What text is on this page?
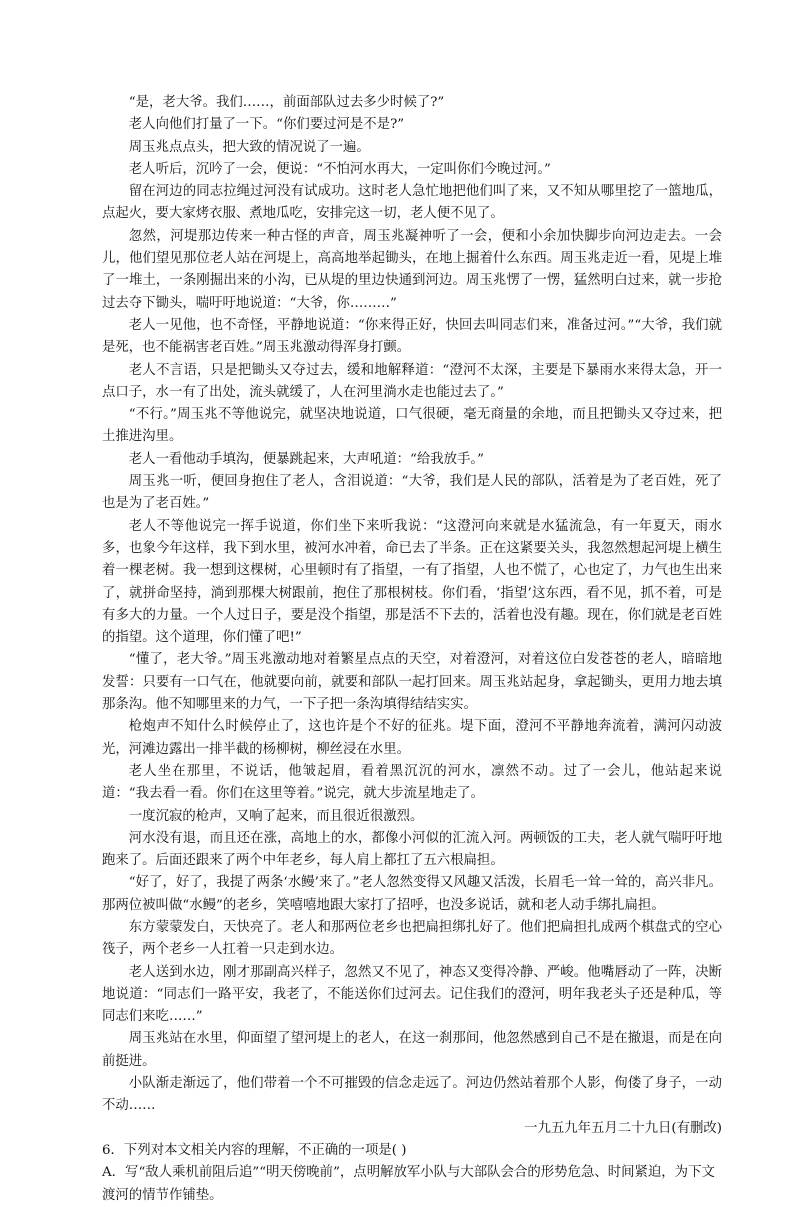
“是，老大爷。我们……，前面部队过去多少时候了?”

老人向他们打量了一下。“你们要过河是不是?”

周玉兆点点头，把大致的情况说了一遍。

老人听后，沉吟了一会，便说：“不怕河水再大，一定叫你们今晚过河。”

留在河边的同志拉绳过河没有试成功。这时老人急忙地把他们叫了来，又不知从哪里挖了一篮地瓜，点起火，要大家烤衣服、煮地瓜吃，安排完这一切，老人便不见了。

忽然，河堤那边传来一种古怪的声音，周玉兆凝神听了一会，便和小余加快脚步向河边走去。一会儿，他们望见那位老人站在河堤上，高高地举起锄头，在地上掘着什么东西。周玉兆走近一看，见堤上堆了一堆土，一条刚掘出来的小沟，已从堤的里边快通到河边。周玉兆愣了一愣，猛然明白过来，就一步抢过去夺下锄头，喘吁吁地说道：“大爷，你………”

老人一见他，也不奇怪，平静地说道：“你来得正好，快回去叫同志们来，准备过河。”“大爷，我们就是死，也不能祸害老百姓。”周玉兆激动得浑身打颤。

老人不言语，只是把锄头又夺过去，缓和地解释道：“澄河不太深，主要是下暴雨水来得太急，开一点口子，水一有了出处，流头就缓了，人在河里淌水走也能过去了。”

“不行。”周玉兆不等他说完，就坚决地说道，口气很硬，毫无商量的余地，而且把锄头又夺过来，把土推进沟里。

老人一看他动手填沟，便暴跳起来，大声吼道：“给我放手。”

周玉兆一听，便回身抱住了老人，含泪说道：“大爷，我们是人民的部队，活着是为了老百姓，死了也是为了老百姓。”

老人不等他说完一挥手说道，你们坐下来听我说：“这澄河向来就是水猛流急，有一年夏天，雨水多，也象今年这样，我下到水里，被河水冲着，命已去了半条。正在这紧要关头，我忽然想起河堤上横生着一棵老树。我一想到这棵树，心里顿时有了指望，一有了指望，人也不慌了，心也定了，力气也生出来了，就拼命坚持，淌到那棵大树跟前，抱住了那根树枝。你们看，‘指望’这东西，看不见，抓不着，可是有多大的力量。一个人过日子，要是没个指望，那是活不下去的，活着也没有趣。现在，你们就是老百姓的指望。这个道理，你们懂了吧!”

“懂了，老大爷。”周玉兆激动地对着繁星点点的天空，对着澄河，对着这位白发苍苍的老人，暗暗地发誓：只要有一口气在，他就要向前，就要和部队一起打回来。周玉兆站起身，拿起锄头，更用力地去填那条沟。他不知哪里来的力气，一下子把一条沟填得结结实实。

枪炮声不知什么时候停止了，这也许是个不好的征兆。堤下面，澄河不平静地奔流着，满河闪动波光，河滩边露出一排半截的杨柳树，柳丝浸在水里。

老人坐在那里，不说话，他皱起眉，看着黑沉沉的河水，凛然不动。过了一会儿，他站起来说道：“我去看一看。你们在这里等着。”说完，就大步流星地走了。

一度沉寂的枪声，又响了起来，而且很近很激烈。

河水没有退，而且还在涨，高地上的水，都像小河似的汇流入河。两顿饭的工夫，老人就气喘吁吁地跑来了。后面还跟来了两个中年老乡，每人肩上都扛了五六根扁担。

“好了，好了，我提了两条‘水鳗’来了。”老人忽然变得又风趣又活泼，长眉毛一耸一耸的，高兴非凡。那两位被叫做“水鳗”的老乡，笑嘻嘻地跟大家打了招呼，也没多说话，就和老人动手绑扎扁担。

东方蒙蒙发白，天快亮了。老人和那两位老乡也把扁担绑扎好了。他们把扁担扎成两个棋盘式的空心筏子，两个老乡一人扛着一只走到水边。

老人送到水边，刚才那副高兴样子，忽然又不见了，神态又变得冷静、严峻。他嘴唇动了一阵，决断地说道：“同志们一路平安，我老了，不能送你们过河去。记住我们的澄河，明年我老头子还是种瓜，等同志们来吃……”

周玉兆站在水里，仰面望了望河堤上的老人，在这一刹那间，他忽然感到自己不是在撤退，而是在向前挺进。

小队渐走渐远了，他们带着一个不可摧毁的信念走远了。河边仍然站着那个人影，佝偻了身子，一动不动……

一九五九年五月二十九日(有删改)

6．下列对本文相关内容的理解，不正确的一项是( )

A．写“敌人乘机前阻后追”“明天傍晚前”，点明解放军小队与大部队会合的形势危急、时间紧迫，为下文渡河的情节作铺垫。
